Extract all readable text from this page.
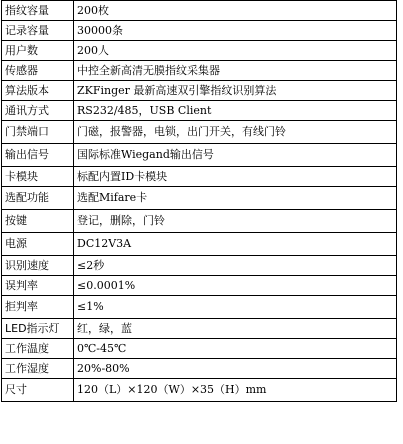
指纹容量	200枚
记录容量	30000条
用户数	200人
传感器	中控全新高清无膜指纹采集器
算法版本	ZKFinger 最新高速双引擎指纹识别算法
通讯方式	RS232/485，USB Client
门禁端口	门磁，报警器，电锁，出门开关，有线门铃
输出信号	国际标准Wiegand输出信号
卡模块	标配内置ID卡模块
选配功能	选配Mifare卡
按键	登记，删除，门铃
电源	DC12V3A
识别速度	≤2秒
误判率	≤0.0001%
拒判率	≤1%
LED指示灯	红，绿，蓝
工作温度	0℃-45℃
工作湿度	20%-80%
尺寸	120（L）×120（W）×35（H）mm
